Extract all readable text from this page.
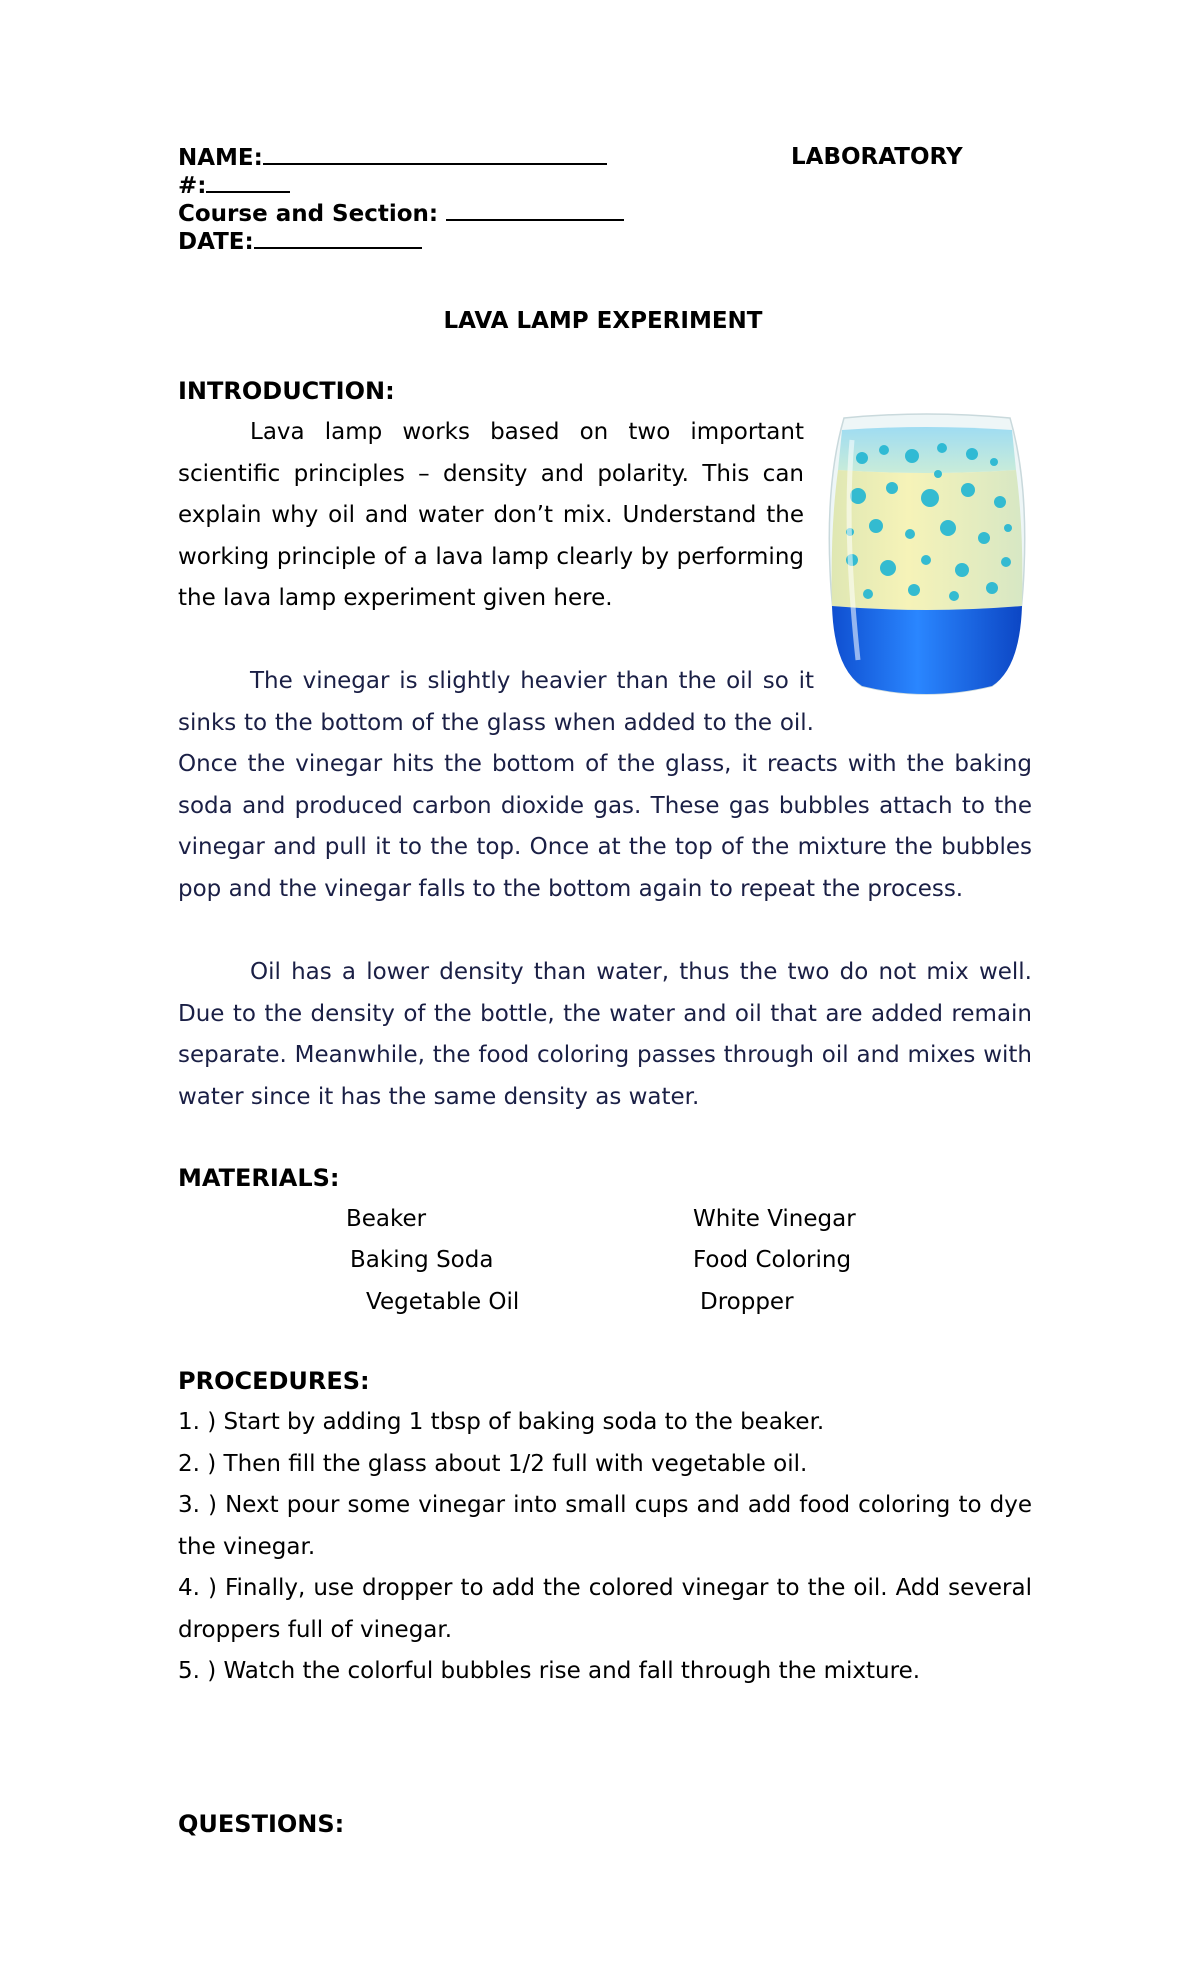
NAME:	LABORATORY
#:
Course and Section:
DATE:
LAVA LAMP EXPERIMENT
INTRODUCTION:
Lava lamp works based on two important scientific principles – density and polarity. This can explain why oil and water don’t mix. Understand the working principle of a lava lamp clearly by performing the lava lamp experiment given here.
The vinegar is slightly heavier than the oil so it sinks to the bottom of the glass when added to the oil. Once the vinegar hits the bottom of the glass, it reacts with the baking soda and produced carbon dioxide gas. These gas bubbles attach to the vinegar and pull it to the top. Once at the top of the mixture the bubbles pop and the vinegar falls to the bottom again to repeat the process.
Oil has a lower density than water, thus the two do not mix well. Due to the density of the bottle, the water and oil that are added remain separate. Meanwhile, the food coloring passes through oil and mixes with water since it has the same density as water.
MATERIALS:
Beaker	White Vinegar
Baking Soda	Food Coloring
Vegetable Oil	Dropper
PROCEDURES:

1. ) Start by adding 1 tbsp of baking soda to the beaker.

2. ) Then fill the glass about 1/2 full with vegetable oil.

3. ) Next pour some vinegar into small cups and add food coloring to dye the vinegar.

4. ) Finally, use dropper to add the colored vinegar to the oil. Add several droppers full of vinegar.

5. ) Watch the colorful bubbles rise and fall through the mixture.

QUESTIONS:
